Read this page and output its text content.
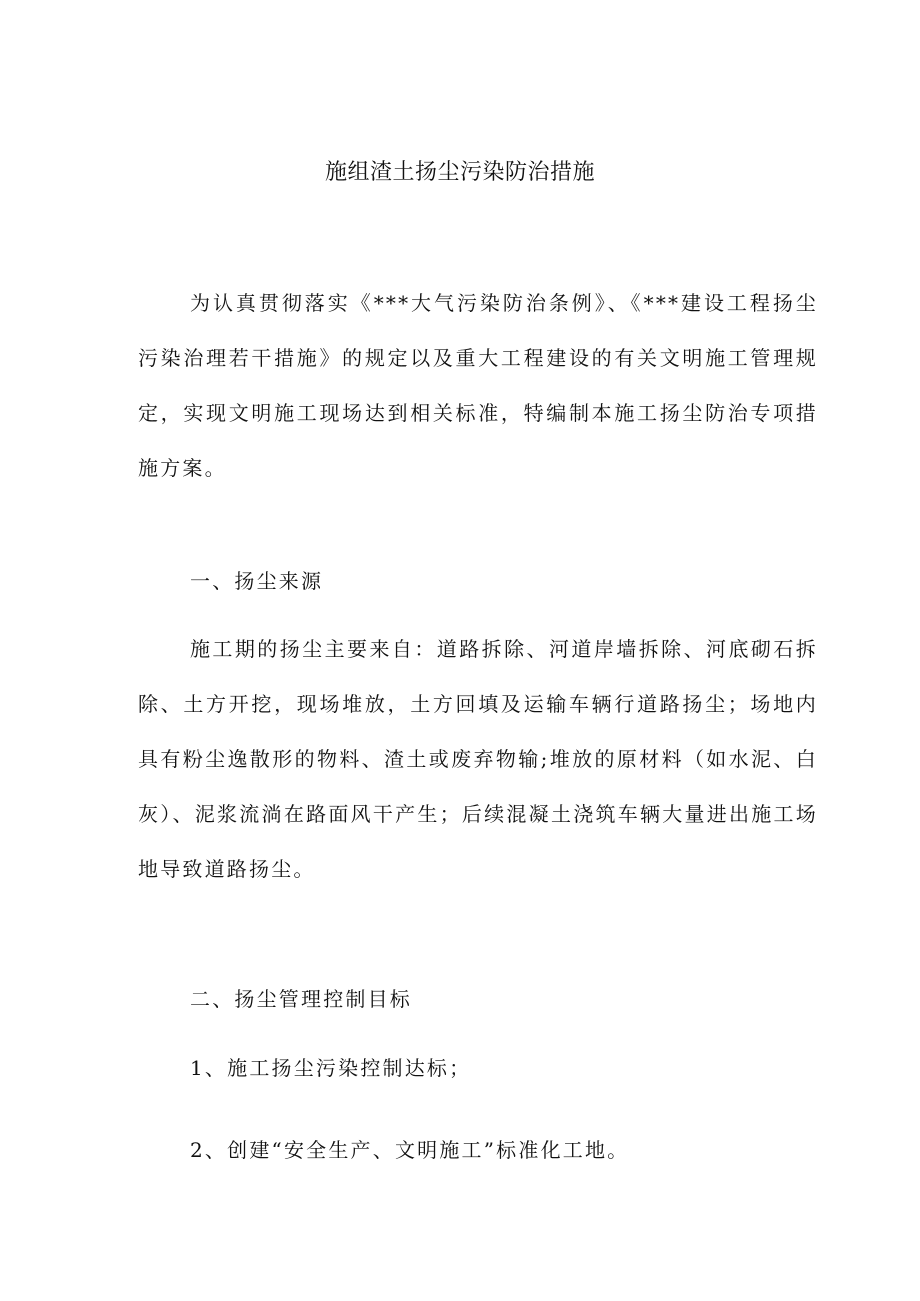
施组渣土扬尘污染防治措施

为认真贯彻落实《***大气污染防治条例》、《***建设工程扬尘污染治理若干措施》的规定以及重大工程建设的有关文明施工管理规定，实现文明施工现场达到相关标准，特编制本施工扬尘防治专项措施方案。

一、扬尘来源

施工期的扬尘主要来自：道路拆除、河道岸墙拆除、河底砌石拆除、土方开挖，现场堆放，土方回填及运输车辆行道路扬尘；场地内具有粉尘逸散形的物料、渣土或废弃物输;堆放的原材料（如水泥、白灰）、泥浆流淌在路面风干产生；后续混凝土浇筑车辆大量进出施工场地导致道路扬尘。

二、扬尘管理控制目标

1、施工扬尘污染控制达标；

2、创建“安全生产、文明施工”标准化工地。
